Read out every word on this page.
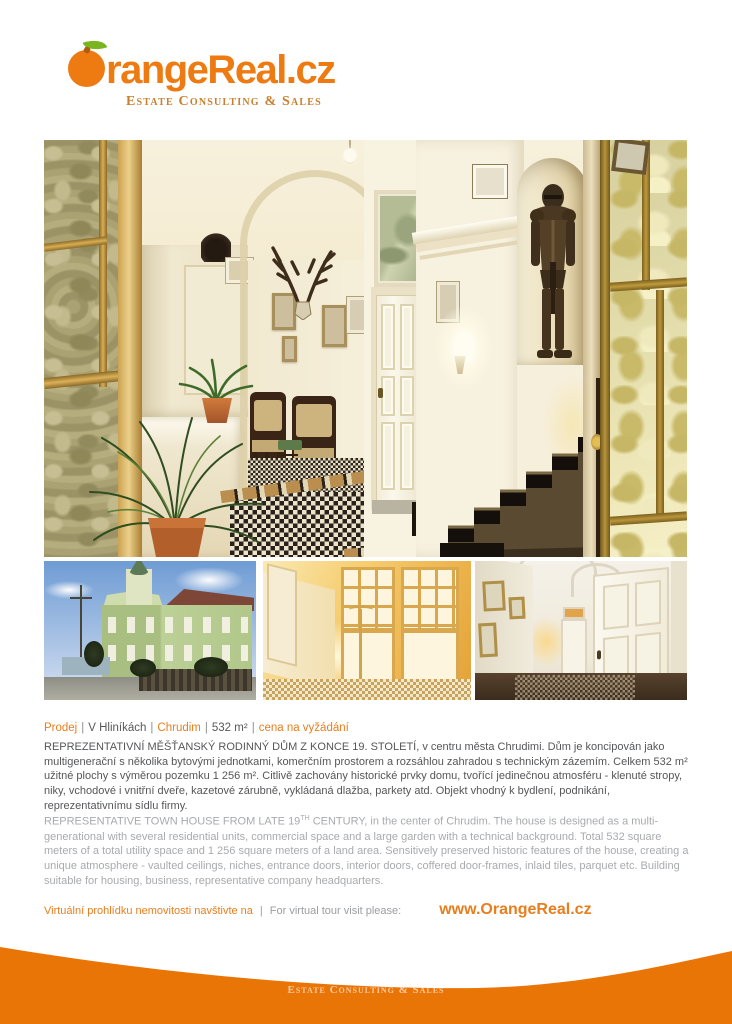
rangeReal.cz
Estate Consulting & Sales
Prodej | V Hliníkách | Chrudim | 532 m² | cena na vyžádání

REPREZENTATIVNÍ MĚŠŤANSKÝ RODINNÝ DŮM Z KONCE 19. STOLETÍ, v centru města Chrudimi. Dům je koncipován jako multigenerační s několika bytovými jednotkami, komerčním prostorem a rozsáhlou zahradou s technickým zázemím. Celkem 532 m² užitné plochy s výměrou pozemku 1 256 m². Citlivě zachovány historické prvky domu, tvořící jedinečnou atmosféru - klenuté stropy, niky, vchodové i vnitřní dveře, kazetové zárubně, vykládaná dlažba, parkety atd. Objekt vhodný k bydlení, podnikání, reprezentativnímu sídlu firmy.

REPRESENTATIVE TOWN HOUSE FROM LATE 19TH CENTURY, in the center of Chrudim. The house is designed as a multi-generational with several residential units, commercial space and a large garden with a technical background. Total 532 square meters of a total utility space and 1 256 square meters of a land area. Sensitively preserved historic features of the house, creating a unique atmosphere - vaulted ceilings, niches, entrance doors, interior doors, coffered door-frames, inlaid tiles, parquet etc. Building suitable for housing, business, representative company headquarters.

Virtuální prohlídku nemovitosti navštivte na | For virtual tour visit please: www.OrangeReal.cz
rangeReal.cz
Estate Consulting & Sales
